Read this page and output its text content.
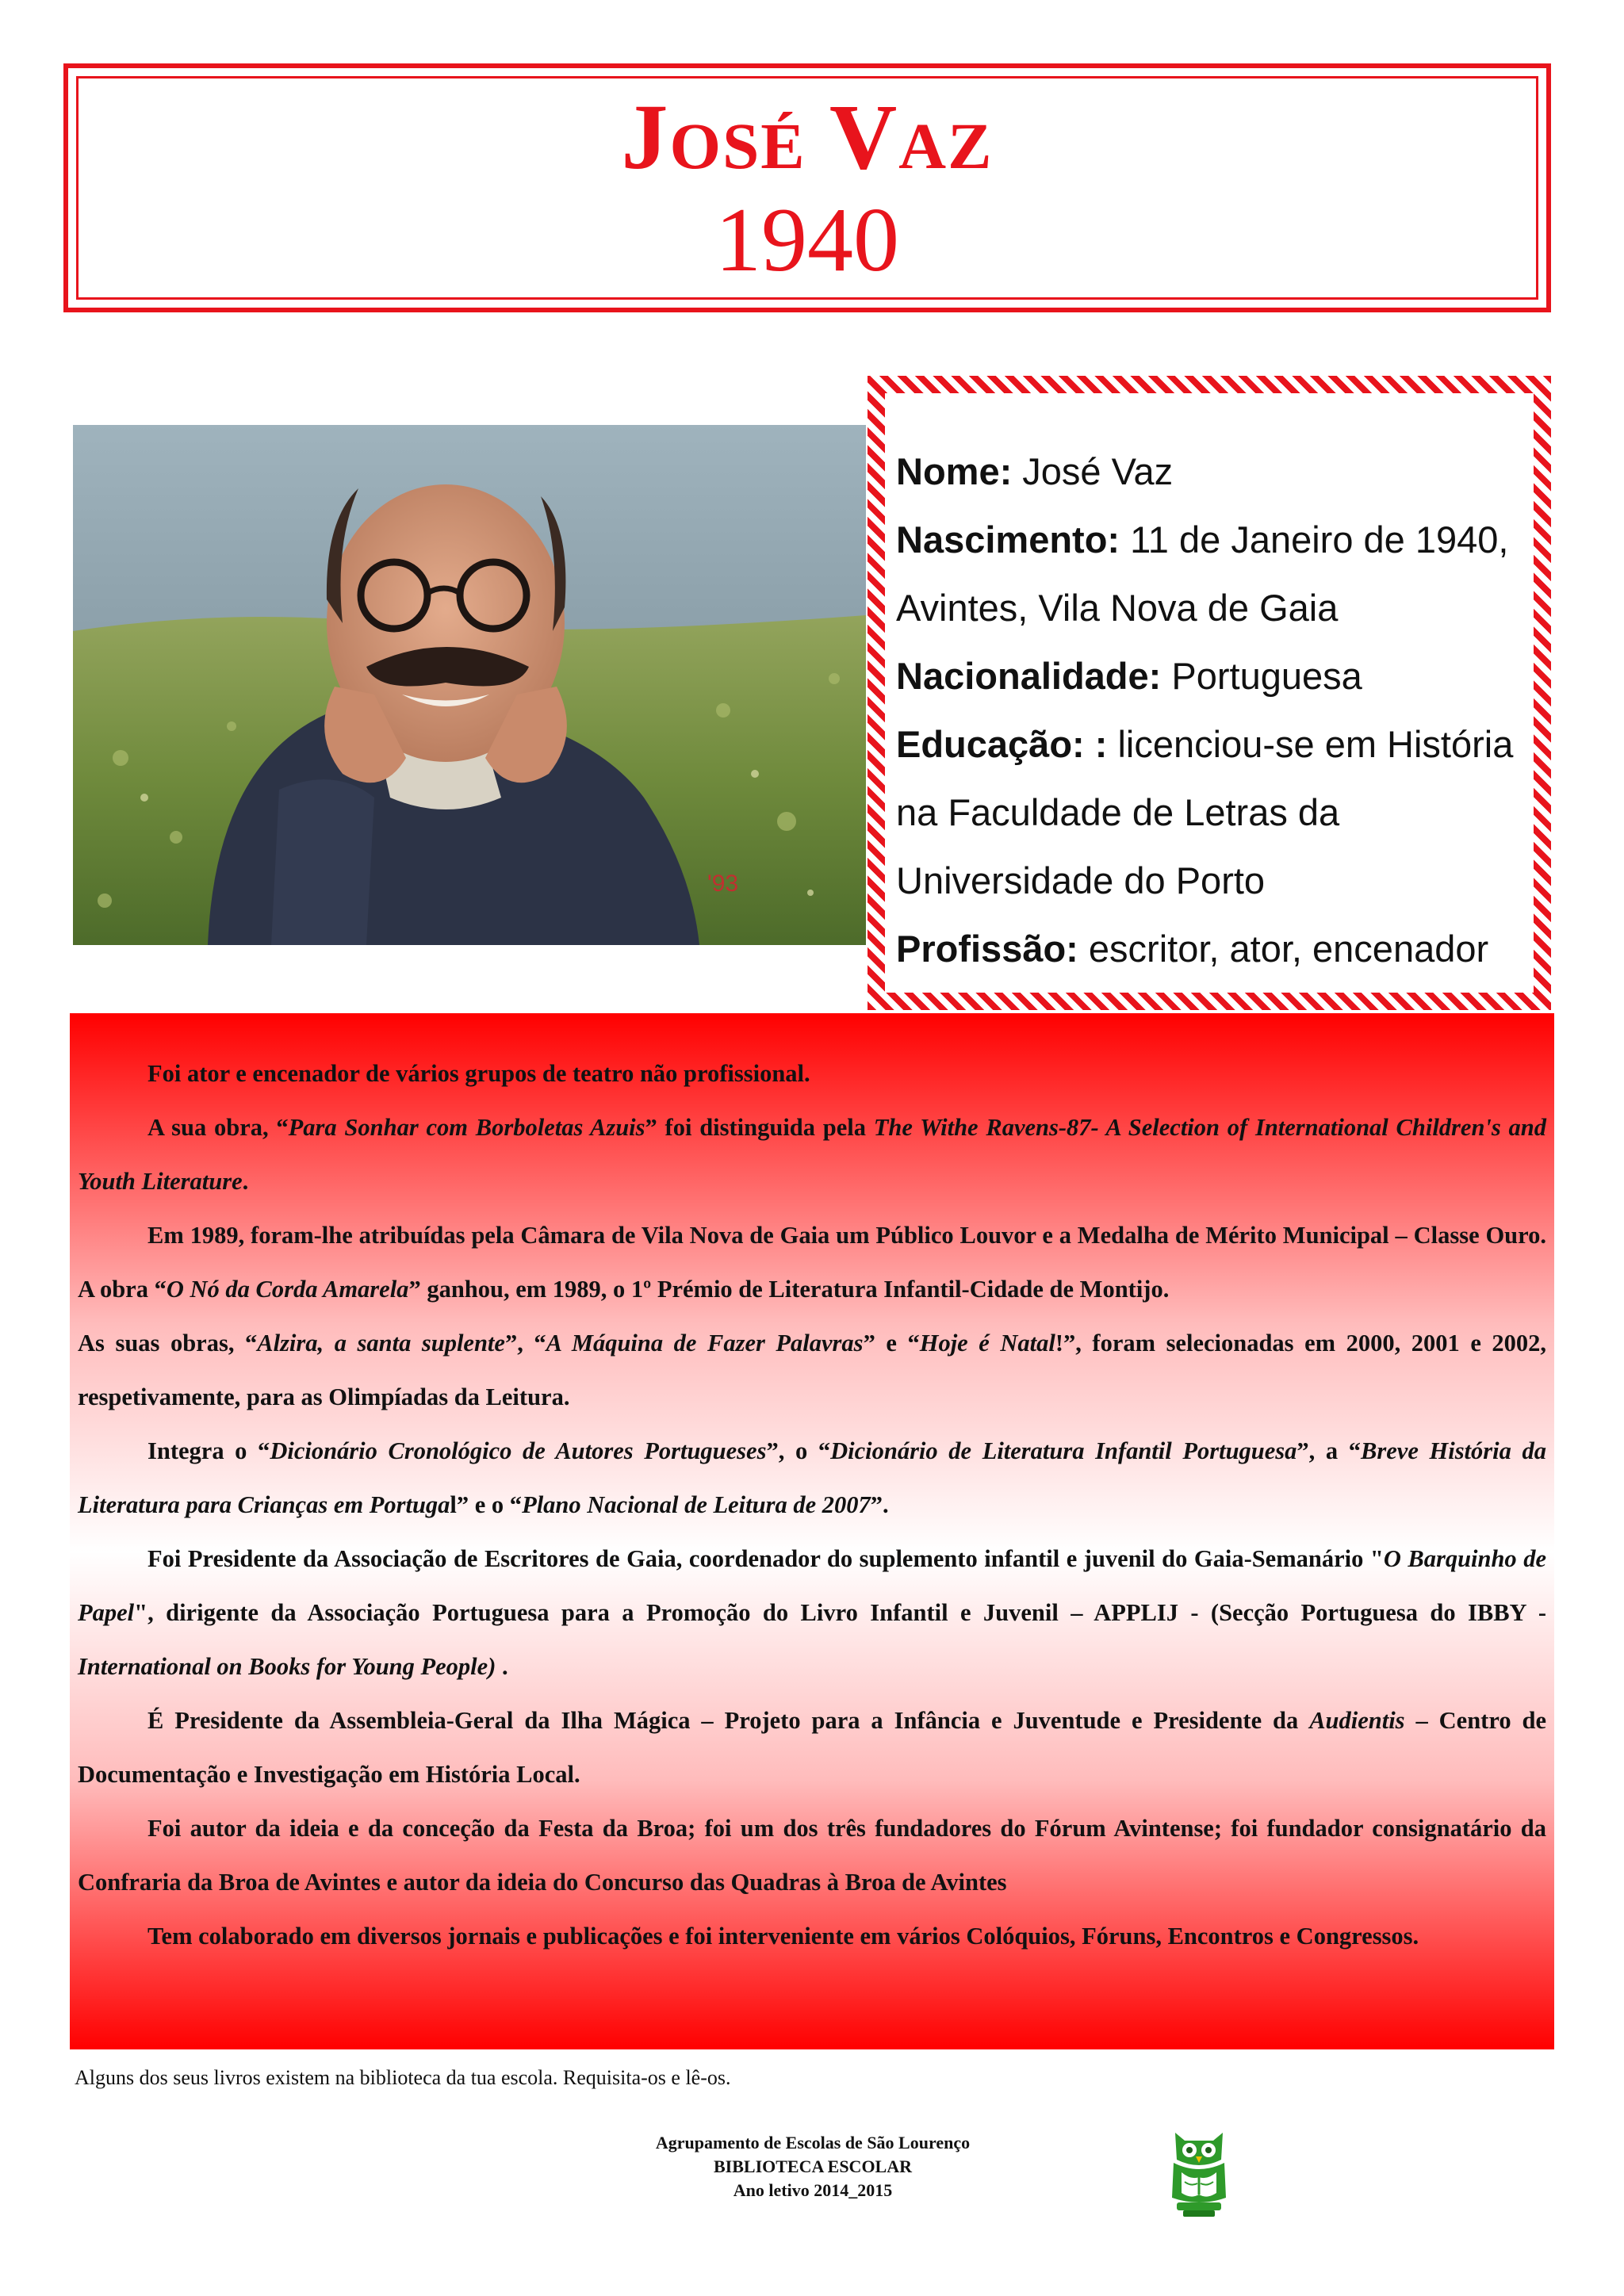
José Vaz
1940
'93

Nome: José Vaz

Nascimento: 11 de Janeiro de 1940, Avintes, Vila Nova de Gaia

Nacionalidade: Portuguesa

Educação: : licenciou-se em História na Faculdade de Letras da Universidade do Porto

Profissão: escritor, ator, encenador

Foi ator e encenador de vários grupos de teatro não profissional.

A sua obra, “Para Sonhar com Borboletas Azuis” foi distinguida pela The Withe Ravens-87- A Selection of International Children's and Youth Literature.

Em 1989, foram-lhe atribuídas pela Câmara de Vila Nova de Gaia um Público Louvor e a Medalha de Mérito Municipal – Classe Ouro. A obra “O Nó da Corda Amarela” ganhou, em 1989, o 1º Prémio de Literatura Infantil-Cidade de Montijo.

As suas obras, “Alzira, a santa suplente”, “A Máquina de Fazer Palavras” e “Hoje é Natal!”, foram selecionadas em 2000, 2001 e 2002, respetivamente, para as Olimpíadas da Leitura.

Integra o “Dicionário Cronológico de Autores Portugueses”, o “Dicionário de Literatura Infantil Portuguesa”, a “Breve História da Literatura para Crianças em Portugal” e o “Plano Nacional de Leitura de 2007”.

Foi Presidente da Associação de Escritores de Gaia, coordenador do suplemento infantil e juvenil do Gaia-Semanário "O Barquinho de Papel", dirigente da Associação Portuguesa para a Promoção do Livro Infantil e Juvenil – APPLIJ - (Secção Portuguesa do IBBY -International on Books for Young People) .

É Presidente da Assembleia-Geral da Ilha Mágica – Projeto para a Infância e Juventude e Presidente da Audientis – Centro de Documentação e Investigação em História Local.

Foi autor da ideia e da conceção da Festa da Broa; foi um dos três fundadores do Fórum Avintense; foi fundador consignatário da Confraria da Broa de Avintes e autor da ideia do Concurso das Quadras à Broa de Avintes

Tem colaborado em diversos jornais e publicações e foi interveniente em vários Colóquios, Fóruns, Encontros e Congressos.

Alguns dos seus livros existem na biblioteca da tua escola. Requisita-os e lê-os.
Agrupamento de Escolas de São Lourenço
BIBLIOTECA ESCOLAR
Ano letivo 2014_2015
